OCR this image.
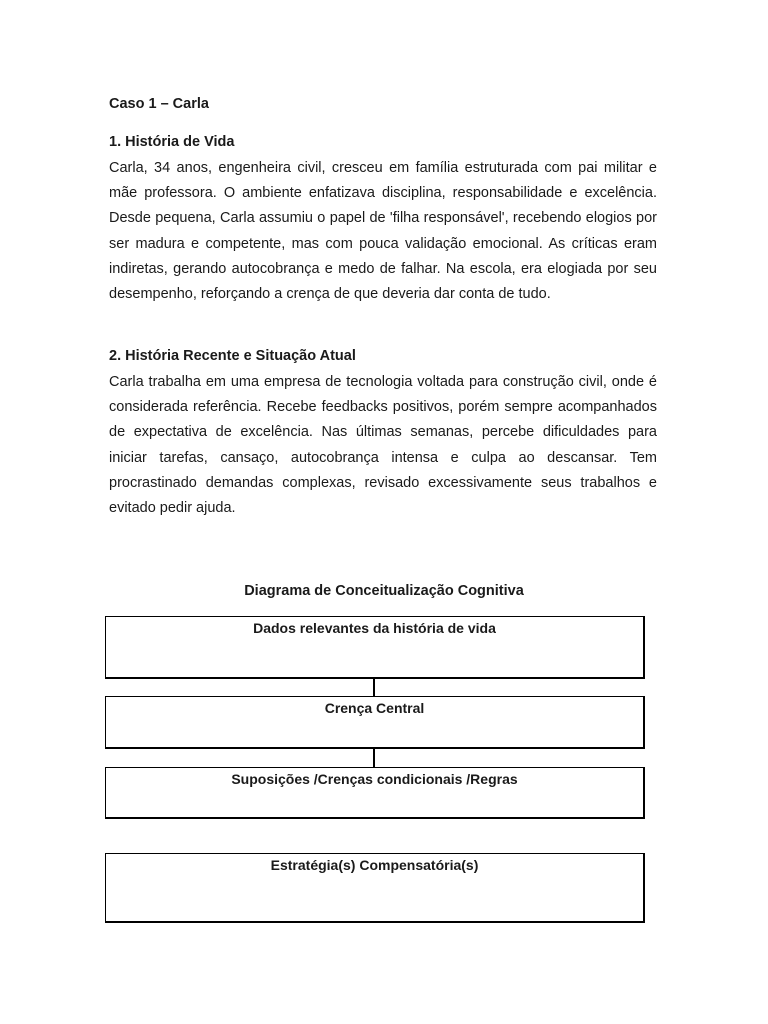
Caso 1 – Carla

1. História de Vida

Carla, 34 anos, engenheira civil, cresceu em família estruturada com pai militar e mãe professora. O ambiente enfatizava disciplina, responsabilidade e excelência. Desde pequena, Carla assumiu o papel de 'filha responsável', recebendo elogios por ser madura e competente, mas com pouca validação emocional. As críticas eram indiretas, gerando autocobrança e medo de falhar. Na escola, era elogiada por seu desempenho, reforçando a crença de que deveria dar conta de tudo.

2. História Recente e Situação Atual

Carla trabalha em uma empresa de tecnologia voltada para construção civil, onde é considerada referência. Recebe feedbacks positivos, porém sempre acompanhados de expectativa de excelência. Nas últimas semanas, percebe dificuldades para iniciar tarefas, cansaço, autocobrança intensa e culpa ao descansar. Tem procrastinado demandas complexas, revisado excessivamente seus trabalhos e evitado pedir ajuda.

Diagrama de Conceitualização Cognitiva

Dados relevantes da história de vida
Crença Central
Suposições /Crenças condicionais /Regras
Estratégia(s) Compensatória(s)
